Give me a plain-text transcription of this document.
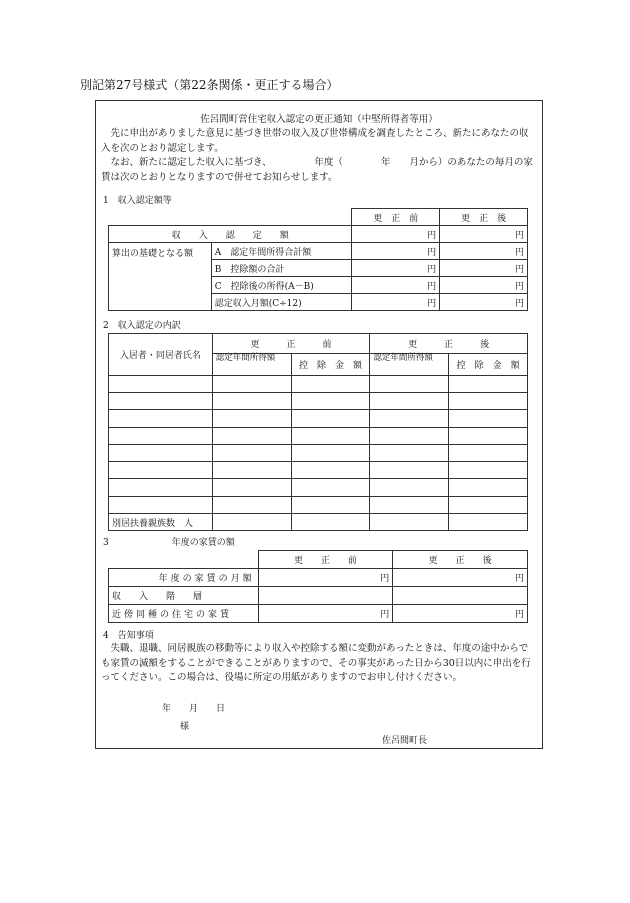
別記第27号様式（第22条関係・更正する場合）
佐呂間町営住宅収入認定の更正通知（中堅所得者等用）
　先に申出がありました意見に基づき世帯の収入及び世帯構成を調査したところ、新たにあなたの収入を次のとおり認定します。
　なお、新たに認定した収入に基づき、　　　　　年度（　　　　年　　月から）のあなたの毎月の家賃は次のとおりとなりますので併せてお知らせします。
1　収入認定額等
		更　正　前	更　正　後
収　　入　　認　　定　　額		円	円
算出の基礎となる額	A　認定年間所得合計額	円	円
	B　控除額の合計	円	円
	C　控除後の所得(A－B)	円	円
	認定収入月額(C÷12)	円	円
2　収入認定の内訳
入居者・同居者氏名	更　　　正　　　前		更　　　正　　　後	
	認定年間所得額	控　除　金　額	認定年間所得額	控　除　金　額

別居扶養親族数　人				
3　　　　　　　年度の家賃の額
	更　　正　　前	更　　正　　後
年度の家賃の月額	円	円
収　　入　　階　　層		
近傍同種の住宅の家賃	円	円
4　告知事項
　失職、退職、同居親族の移動等により収入や控除する額に変動があったときは、年度の途中からでも家賃の減額をすることができることがありますので、その事実があった日から30日以内に申出を行ってください。この場合は、役場に所定の用紙がありますのでお申し付けください。
年　　月　　日
様
佐呂間町長
